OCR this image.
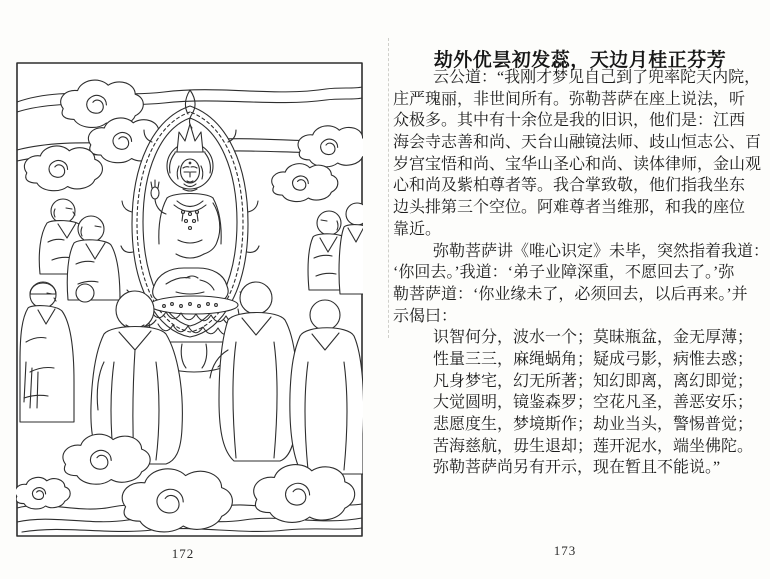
172
劫外优昙初发蕊，天边月桂正芬芳
云公道：“我刚才梦见自己到了兜率陀天内院，
庄严瑰丽，非世间所有。弥勒菩萨在座上说法，听
众极多。其中有十余位是我的旧识，他们是：江西
海会寺志善和尚、天台山融镜法师、歧山恒志公、百
岁宫宝悟和尚、宝华山圣心和尚、读体律师，金山观
心和尚及紫柏尊者等。我合掌致敬，他们指我坐东
边头排第三个空位。阿难尊者当维那，和我的座位
靠近。
弥勒菩萨讲《唯心识定》未毕，突然指着我道：
‘你回去。’我道：‘弟子业障深重，不愿回去了。’弥
勒菩萨道：‘你业缘未了，必须回去，以后再来。’并
示偈曰：
识智何分，波水一个；莫昧瓶盆，金无厚薄；
性量三三，麻绳蜗角；疑成弓影，病惟去惑；
凡身梦宅，幻无所著；知幻即离，离幻即觉；
大觉圆明，镜鉴森罗；空花凡圣，善恶安乐；
悲愿度生，梦境斯作；劫业当头，警惕普觉；
苦海慈航，毋生退却；莲开泥水，端坐佛陀。
弥勒菩萨尚另有开示，现在暂且不能说。”
173
